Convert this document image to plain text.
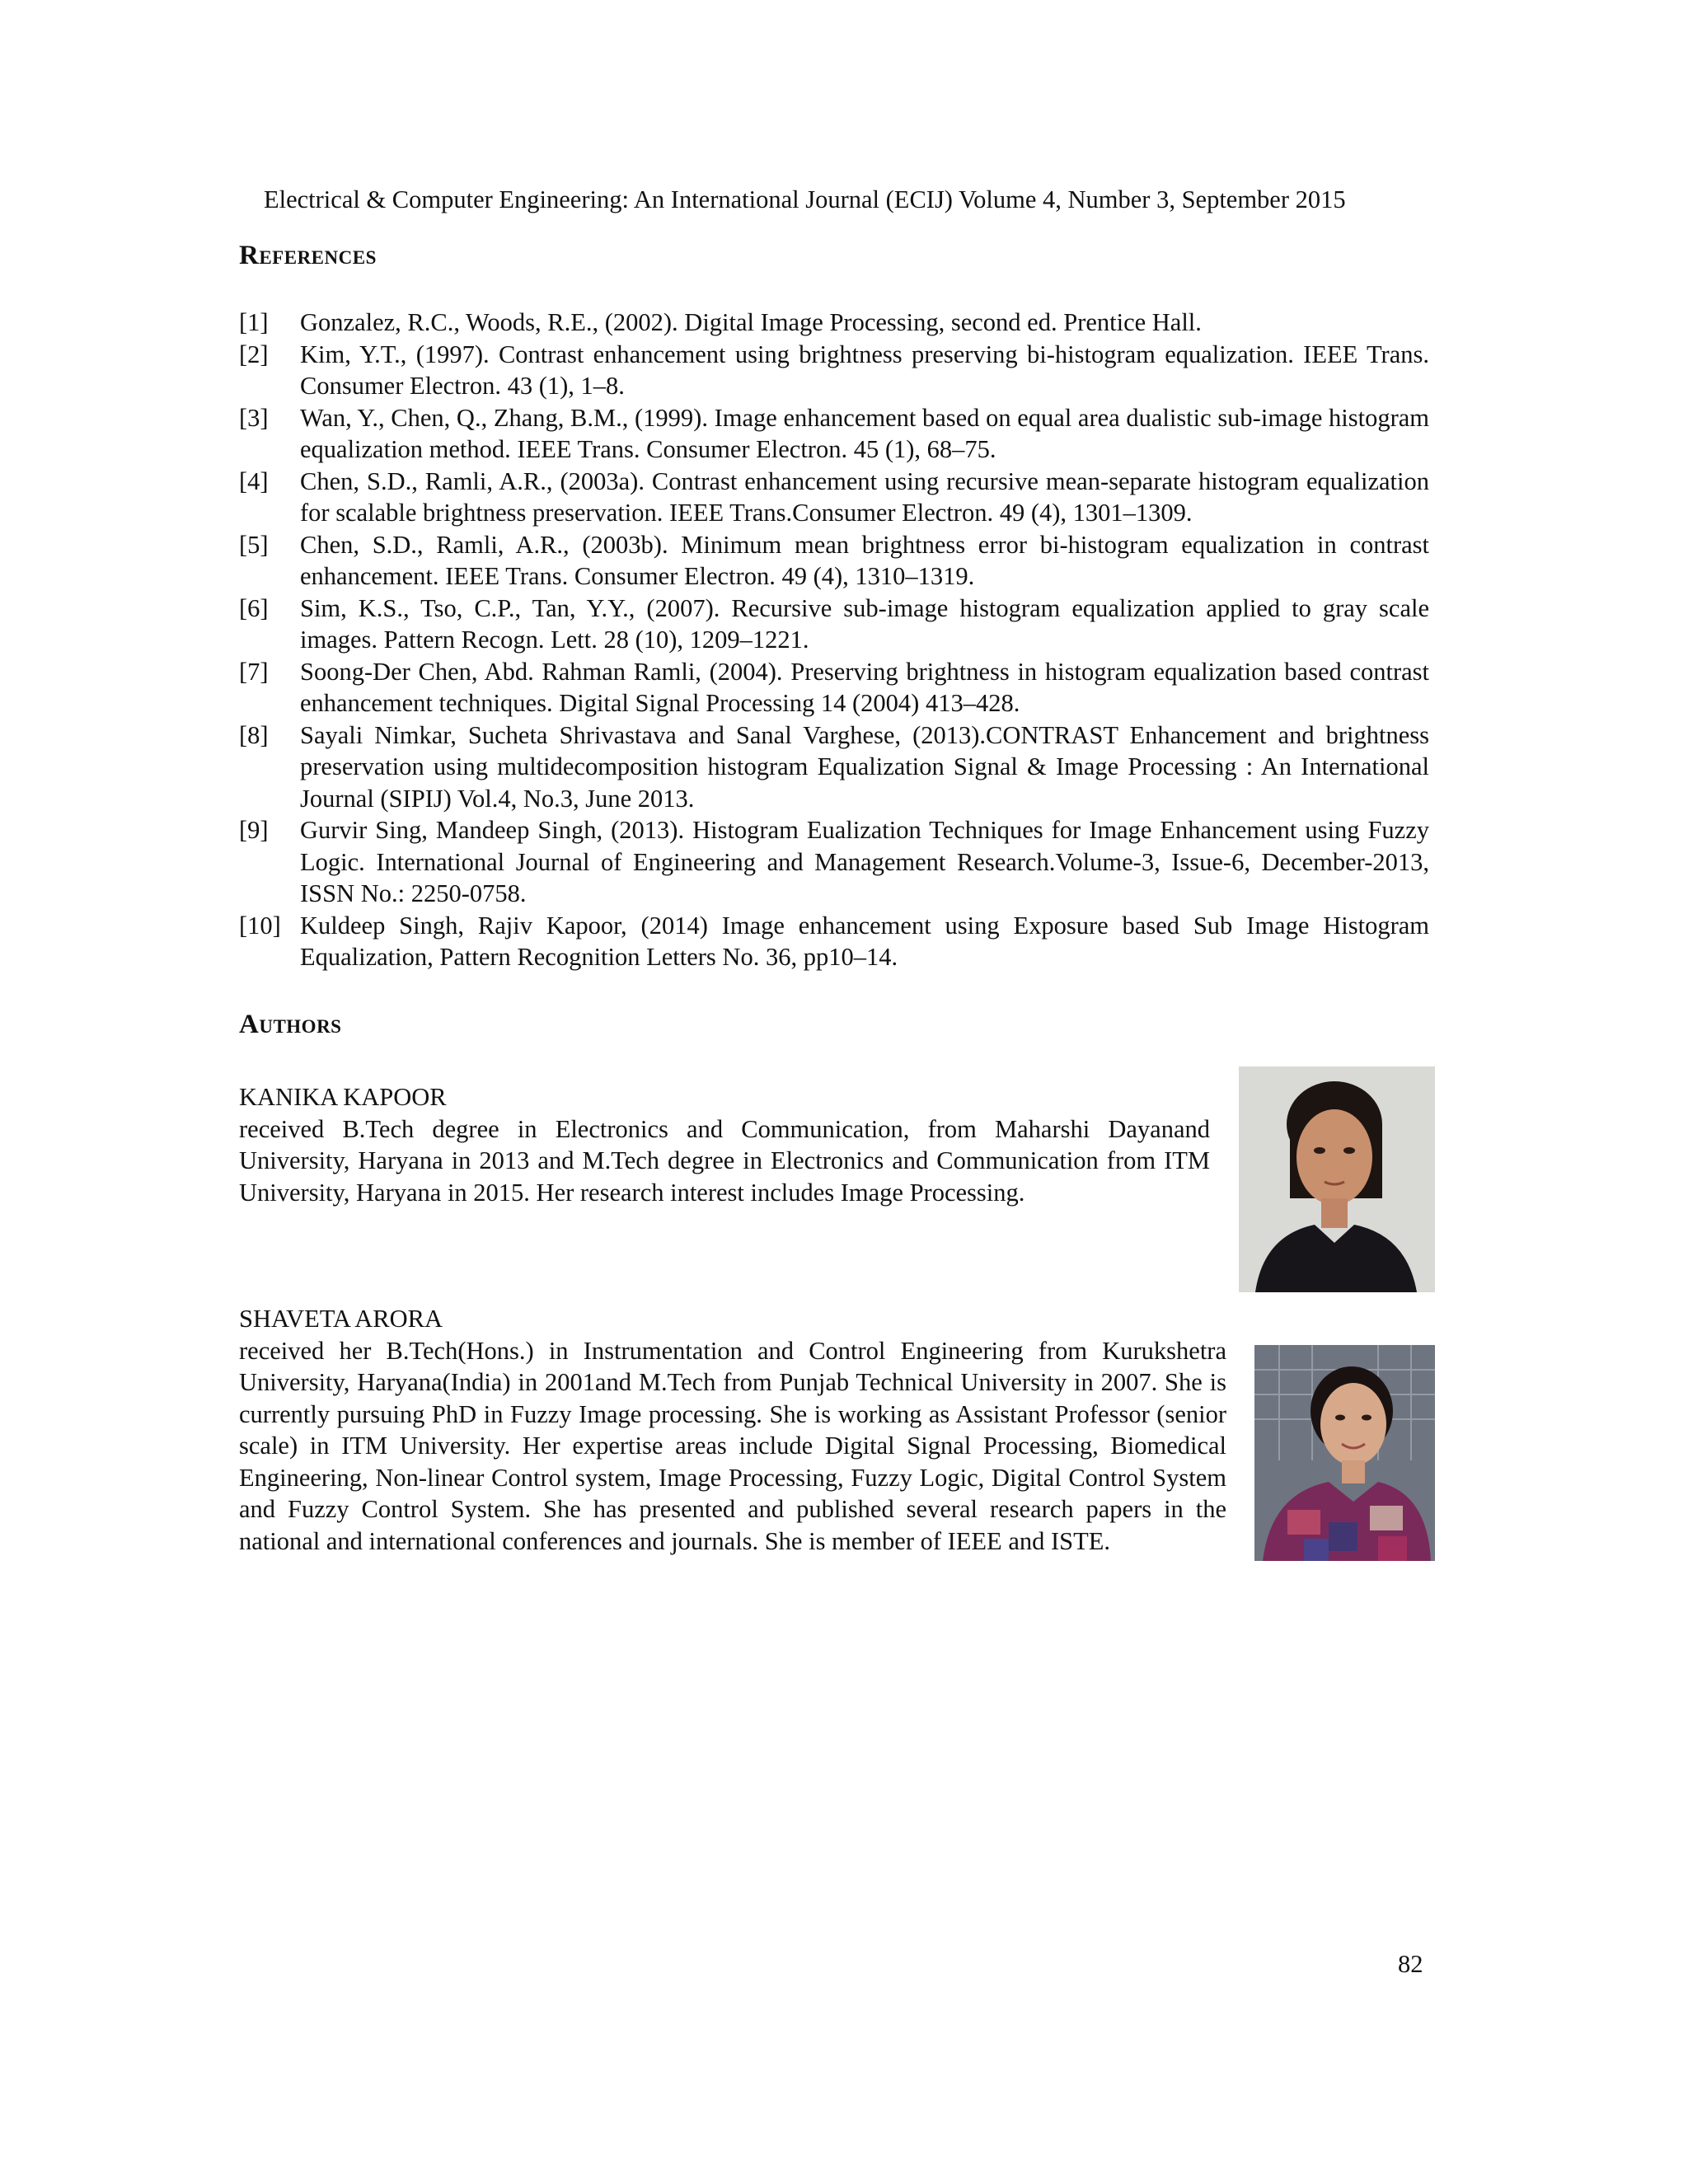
Electrical & Computer Engineering: An International Journal (ECIJ) Volume 4, Number 3, September 2015
References
[1]	Gonzalez, R.C., Woods, R.E., (2002). Digital Image Processing, second ed. Prentice Hall.
[2]	Kim, Y.T., (1997). Contrast enhancement using brightness preserving bi-histogram equalization. IEEE Trans. Consumer Electron. 43 (1), 1–8.
[3]	Wan, Y., Chen, Q., Zhang, B.M., (1999). Image enhancement based on equal area dualistic sub-image histogram equalization method. IEEE Trans. Consumer Electron. 45 (1), 68–75.
[4]	Chen, S.D., Ramli, A.R., (2003a). Contrast enhancement using recursive mean-separate histogram equalization for scalable brightness preservation. IEEE Trans.Consumer Electron. 49 (4), 1301–1309.
[5]	Chen, S.D., Ramli, A.R., (2003b). Minimum mean brightness error bi-histogram equalization in contrast enhancement. IEEE Trans. Consumer Electron. 49 (4), 1310–1319.
[6]	Sim, K.S., Tso, C.P., Tan, Y.Y., (2007). Recursive sub-image histogram equalization applied to gray scale images. Pattern Recogn. Lett. 28 (10), 1209–1221.
[7]	Soong-Der Chen, Abd. Rahman Ramli, (2004). Preserving brightness in histogram equalization based contrast enhancement techniques. Digital Signal Processing 14 (2004) 413–428.
[8]	Sayali Nimkar, Sucheta Shrivastava and Sanal Varghese, (2013).CONTRAST Enhancement and brightness preservation using multidecomposition histogram Equalization Signal & Image Processing : An International Journal (SIPIJ) Vol.4, No.3, June 2013.
[9]	Gurvir Sing, Mandeep Singh, (2013). Histogram Eualization Techniques for Image Enhancement using Fuzzy Logic. International Journal of Engineering and Management Research.Volume-3, Issue-6, December-2013, ISSN No.: 2250-0758.
[10] Kuldeep Singh, Rajiv Kapoor, (2014) Image enhancement using Exposure based Sub Image Histogram Equalization, Pattern Recognition Letters No. 36, pp10–14.
Authors
KANIKA KAPOOR
received B.Tech degree in Electronics and Communication, from Maharshi Dayanand University, Haryana in 2013 and M.Tech degree in Electronics and Communication from ITM University, Haryana in 2015. Her research interest includes Image Processing.
SHAVETA ARORA
received her B.Tech(Hons.) in Instrumentation and Control Engineering from Kurukshetra University, Haryana(India) in 2001and M.Tech from Punjab Technical University in 2007. She is currently pursuing PhD in Fuzzy Image processing. She is working as Assistant Professor (senior scale) in ITM University. Her expertise areas include Digital Signal Processing, Biomedical Engineering, Non-linear Control system, Image Processing, Fuzzy Logic, Digital Control System and Fuzzy Control System. She has presented and published several research papers in the national and international conferences and journals. She is member of IEEE and ISTE.
82
